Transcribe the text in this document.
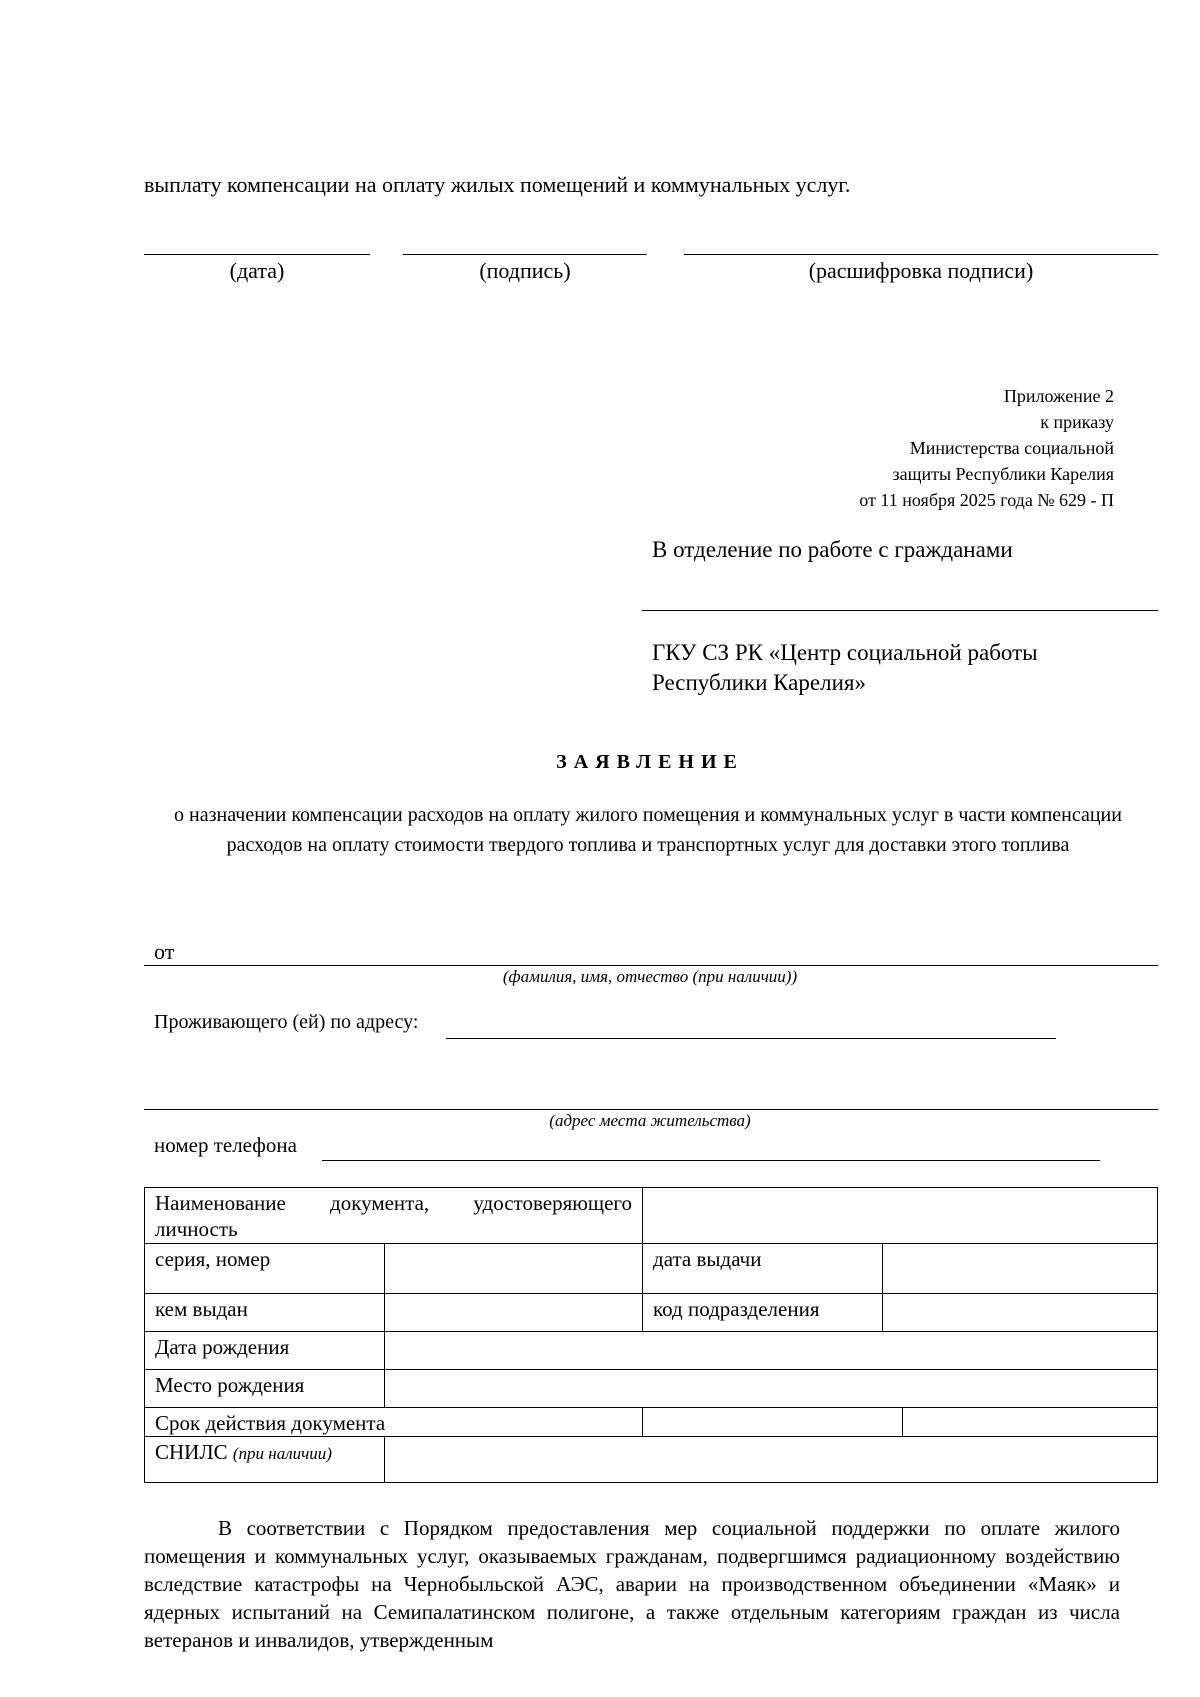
выплату компенсации на оплату жилых помещений и коммунальных услуг.
(дата)	(подпись)	(расшифровка подписи)
Приложение 2
к приказу
Министерства социальной
защиты Республики Карелия
от 11 ноября 2025 года № 629 - П
В отделение по работе с гражданами
ГКУ СЗ РК «Центр социальной работы
Республики Карелия»
ЗАЯВЛЕНИЕ
о назначении компенсации расходов на оплату жилого помещения и коммунальных услуг в части компенсации расходов на оплату стоимости твердого топлива и транспортных услуг для доставки этого топлива
от
(фамилия, имя, отчество (при наличии))
Проживающего (ей) по адресу:
(адрес места жительства)
номер телефона
Наименование документа, удостоверяющего личность				
серия, номер		дата выдачи		
кем выдан		код подразделения		
Дата рождения				
Место рождения				
Срок действия документа				
СНИЛС (при наличии)				
В соответствии с Порядком предоставления мер социальной поддержки по оплате жилого помещения и коммунальных услуг, оказываемых гражданам, подвергшимся радиационному воздействию вследствие катастрофы на Чернобыльской АЭС, аварии на производственном объединении «Маяк» и ядерных испытаний на Семипалатинском полигоне, а также отдельным категориям граждан из числа ветеранов и инвалидов, утвержденным
